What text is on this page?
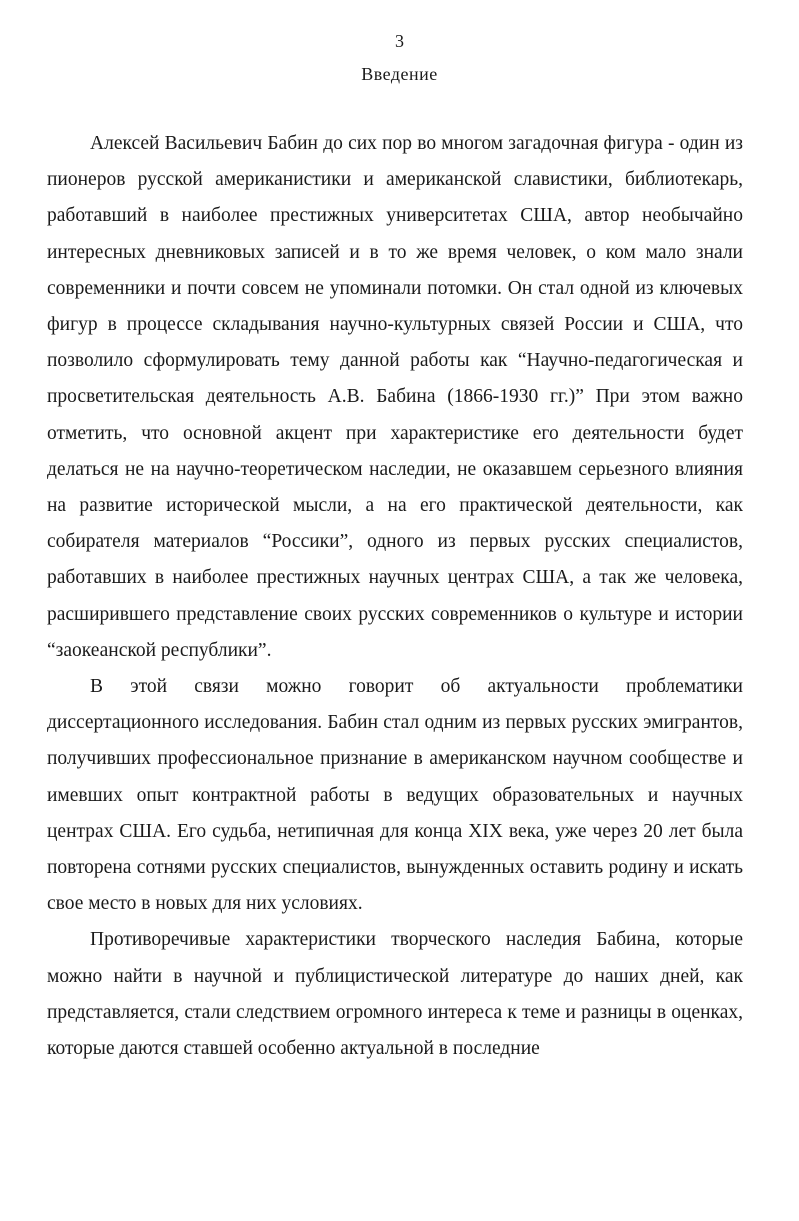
3
Введение

Алексей Васильевич Бабин до сих пор во многом загадочная фигура - один из пионеров русской американистики и американской славистики, библиотекарь, работавший в наиболее престижных университетах США, автор необычайно интересных дневниковых записей и в то же время человек, о ком мало знали современники и почти совсем не упоминали потомки. Он стал одной из ключевых фигур в процессе складывания научно-культурных связей России и США, что позволило сформулировать тему данной работы как “Научно-педагогическая и просветительская деятельность А.В. Бабина (1866-1930 гг.)” При этом важно отметить, что основной акцент при характеристике его деятельности будет делаться не на научно-теоретическом наследии, не оказавшем серьезного влияния на развитие исторической мысли, а на его практической деятельности, как собирателя материалов “Россики”, одного из первых русских специалистов, работавших в наиболее престижных научных центрах США, а так же человека, расширившего представление своих русских современников о культуре и истории “заокеанской республики”.

В этой связи можно говорит об актуальности проблематики диссертационного исследования. Бабин стал одним из первых русских эмигрантов, получивших профессиональное признание в американском научном сообществе и имевших опыт контрактной работы в ведущих образовательных и научных центрах США. Его судьба, нетипичная для конца XIX века, уже через 20 лет была повторена сотнями русских специалистов, вынужденных оставить родину и искать свое место в новых для них условиях.

Противоречивые характеристики творческого наследия Бабина, которые можно найти в научной и публицистической литературе до наших дней, как представляется, стали следствием огромного интереса к теме и разницы в оценках, которые даются ставшей особенно актуальной в последние
